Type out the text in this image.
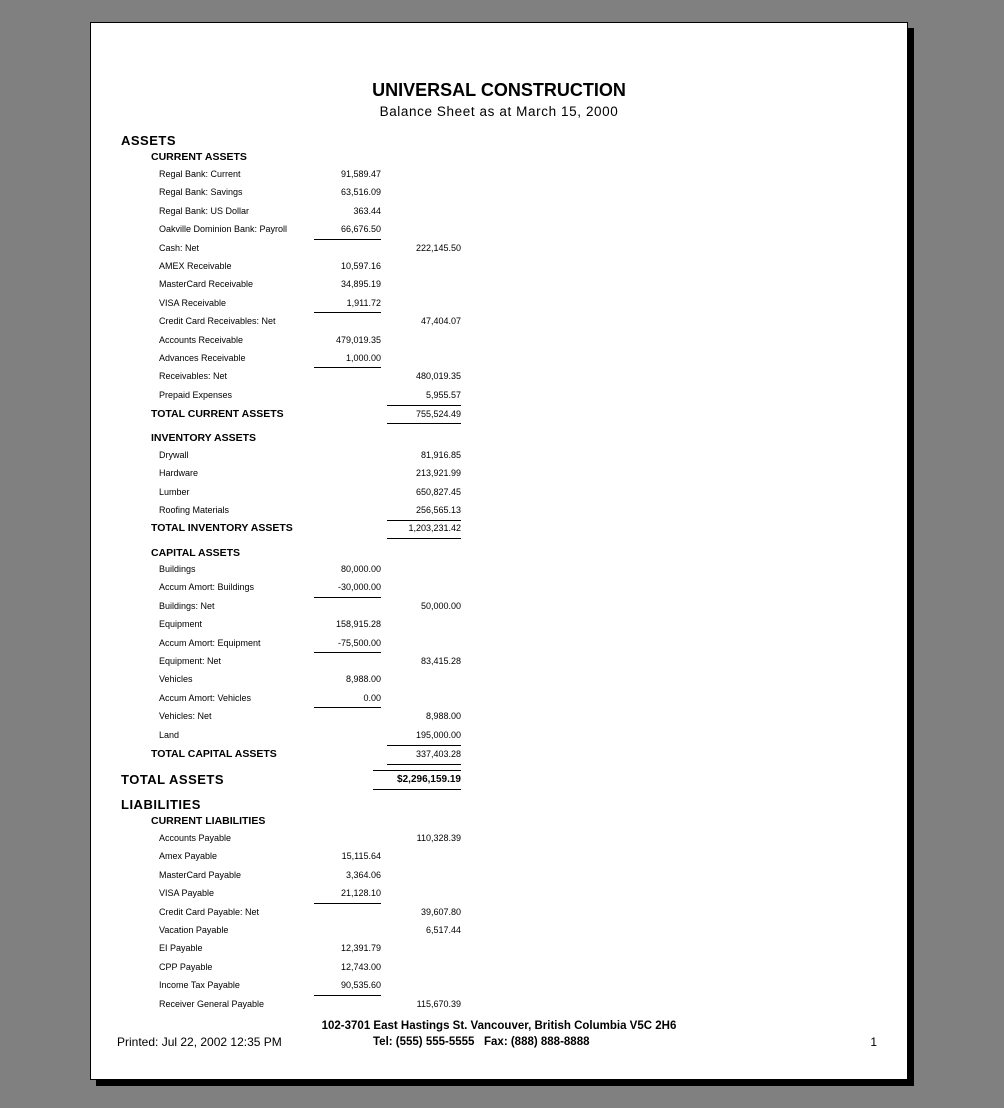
UNIVERSAL CONSTRUCTION
Balance Sheet as at March 15, 2000
102-3701 East Hastings St. Vancouver, British Columbia V5C 2H6
Tel: (555) 555-5555   Fax: (888) 888-8888
Printed: Jul 22, 2002 12:35 PM	1
ASSETS
CURRENT ASSETS
Regal Bank: Current	91,589.47
Regal Bank: Savings	63,516.09
Regal Bank: US Dollar	363.44
Oakville Dominion Bank: Payroll	66,676.50
Cash: Net	222,145.50
AMEX Receivable	10,597.16
MasterCard Receivable	34,895.19
VISA Receivable	1,911.72
Credit Card Receivables: Net	47,404.07
Accounts Receivable	479,019.35
Advances Receivable	1,000.00
Receivables: Net	480,019.35
Prepaid Expenses	5,955.57
TOTAL CURRENT ASSETS	755,524.49
INVENTORY ASSETS
Drywall	81,916.85
Hardware	213,921.99
Lumber	650,827.45
Roofing Materials	256,565.13
TOTAL INVENTORY ASSETS	1,203,231.42
CAPITAL ASSETS
Buildings	80,000.00
Accum Amort: Buildings	-30,000.00
Buildings: Net	50,000.00
Equipment	158,915.28
Accum Amort: Equipment	-75,500.00
Equipment: Net	83,415.28
Vehicles	8,988.00
Accum Amort: Vehicles	0.00
Vehicles: Net	8,988.00
Land	195,000.00
TOTAL CAPITAL ASSETS	337,403.28
TOTAL ASSETS	$2,296,159.19
LIABILITIES
CURRENT LIABILITIES
Accounts Payable	110,328.39
Amex Payable	15,115.64
MasterCard Payable	3,364.06
VISA Payable	21,128.10
Credit Card Payable: Net	39,607.80
Vacation Payable	6,517.44
EI Payable	12,391.79
CPP Payable	12,743.00
Income Tax Payable	90,535.60
Receiver General Payable	115,670.39
